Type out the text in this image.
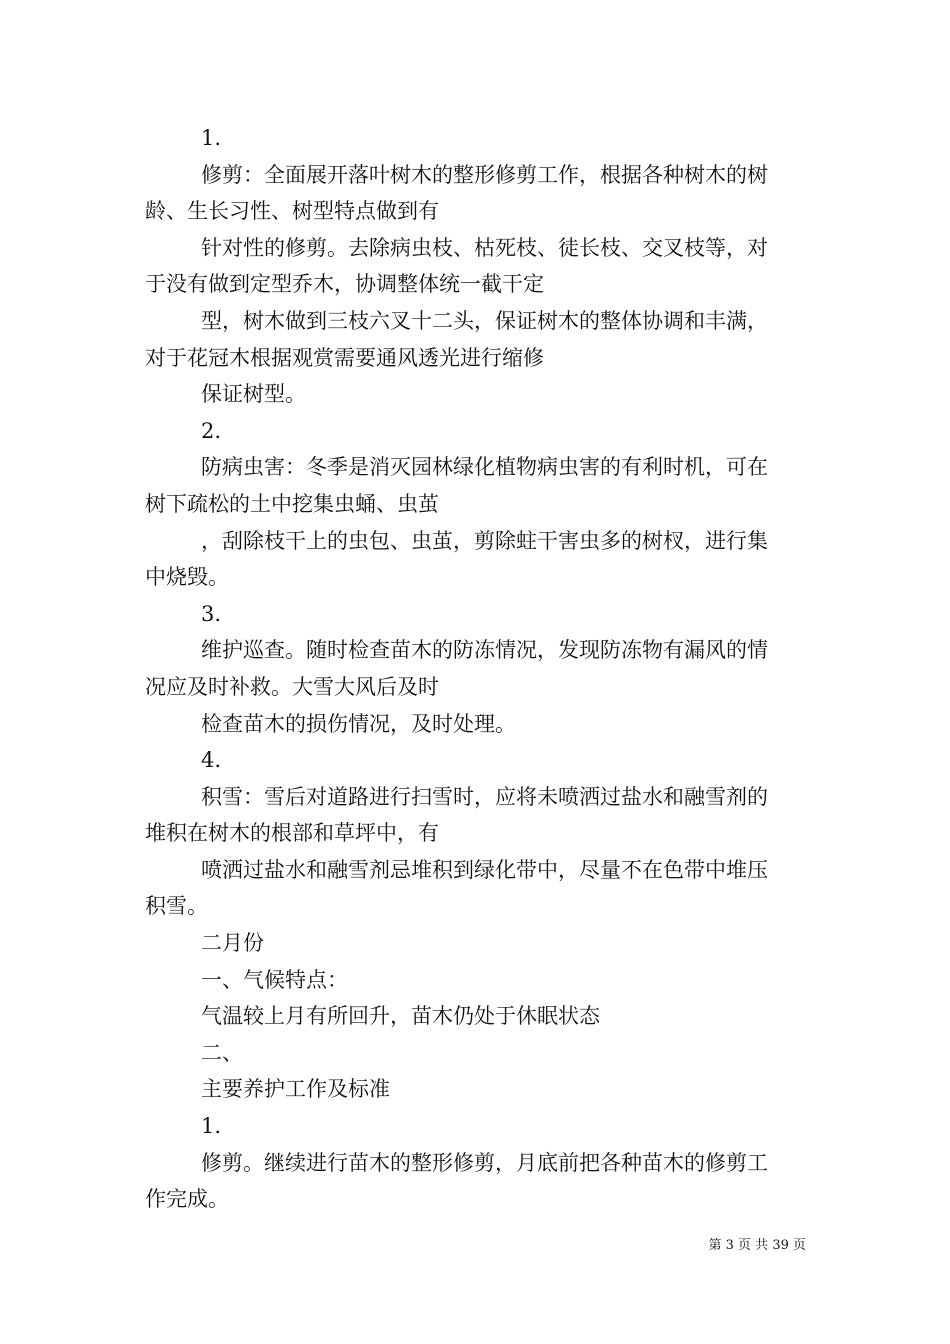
1.

修剪：全面展开落叶树木的整形修剪工作，根据各种树木的树

龄、生长习性、树型特点做到有

针对性的修剪。去除病虫枝、枯死枝、徒长枝、交叉枝等，对

于没有做到定型乔木，协调整体统一截干定

型，树木做到三枝六叉十二头，保证树木的整体协调和丰满，

对于花冠木根据观赏需要通风透光进行缩修

保证树型。

2.

防病虫害：冬季是消灭园林绿化植物病虫害的有利时机，可在

树下疏松的土中挖集虫蛹、虫茧

，刮除枝干上的虫包、虫茧，剪除蛀干害虫多的树杈，进行集

中烧毁。

3.

维护巡查。随时检查苗木的防冻情况，发现防冻物有漏风的情

况应及时补救。大雪大风后及时

检查苗木的损伤情况，及时处理。

4.

积雪：雪后对道路进行扫雪时，应将未喷洒过盐水和融雪剂的

堆积在树木的根部和草坪中，有

喷洒过盐水和融雪剂忌堆积到绿化带中，尽量不在色带中堆压

积雪。

二月份

一、气候特点：

气温较上月有所回升，苗木仍处于休眠状态

二、

主要养护工作及标准

1.

修剪。继续进行苗木的整形修剪，月底前把各种苗木的修剪工

作完成。

第 3 页 共 39 页
